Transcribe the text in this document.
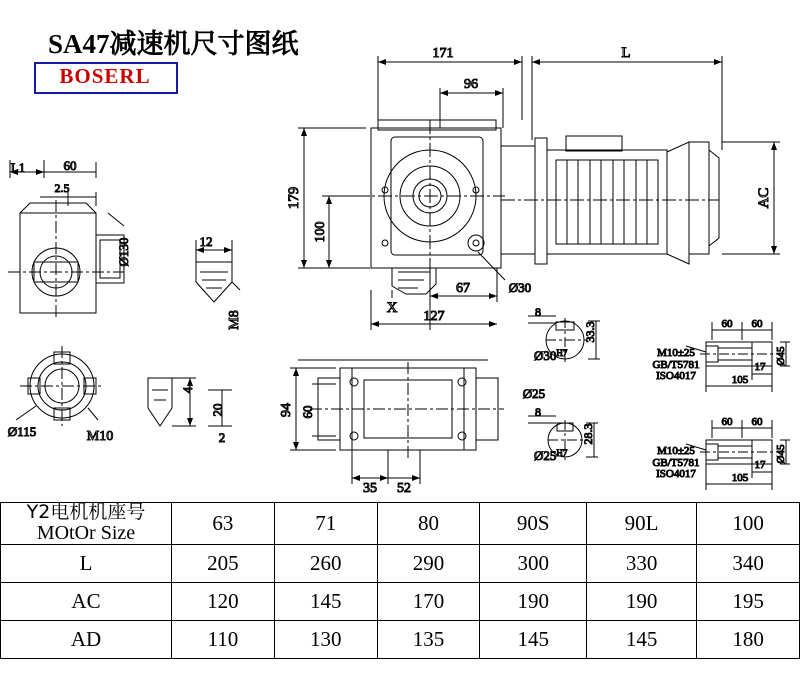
SA47减速机尺寸图纸
BOSERL
171
96
L
179
100
AC
67
127
X
Ø30
L1	60
2.5
Ø130
Ø115	M10
12
M8
4
20
2
94 60
35 52
8
33.3
$Ø30^{H7}$
8
28.3
$Ø25^{H7}$
Ø25
60 60
17
105
Ø45
M10±25
GB/T5781
ISO4017
60 60
17
105
Ø45
M10±25
GB/T5781
ISO4017
Y2电机机座号
MOtOr Size	63	71	80	90S	90L	100
L	205	260	290	300	330	340
AC	120	145	170	190	190	195
AD	110	130	135	145	145	180
